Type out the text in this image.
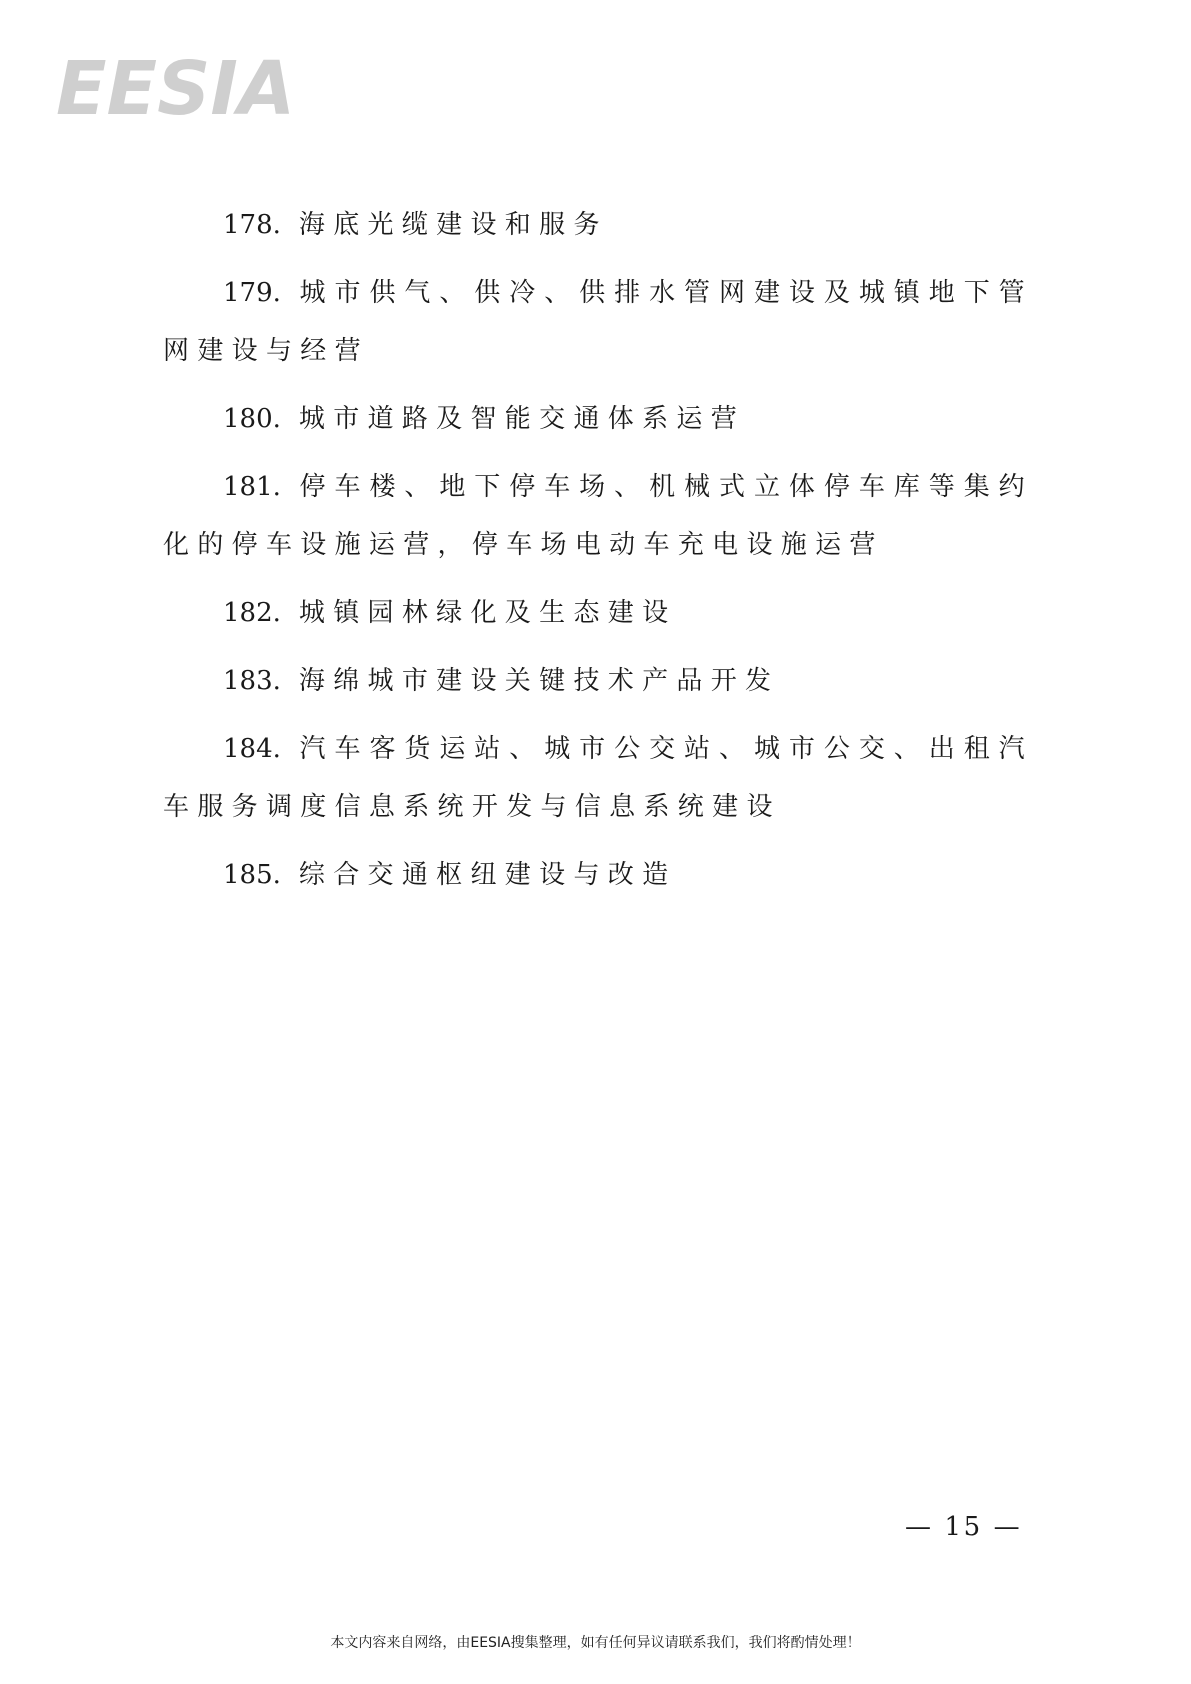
EESIA

178. 海底光缆建设和服务

179. 城市供气、供冷、供排水管网建设及城镇地下管网建设与经营

180. 城市道路及智能交通体系运营

181. 停车楼、地下停车场、机械式立体停车库等集约化的停车设施运营，停车场电动车充电设施运营

182. 城镇园林绿化及生态建设

183. 海绵城市建设关键技术产品开发

184. 汽车客货运站、城市公交站、城市公交、出租汽车服务调度信息系统开发与信息系统建设

185. 综合交通枢纽建设与改造

— 15 —
本文内容来自网络，由EESIA搜集整理，如有任何异议请联系我们，我们将酌情处理！
